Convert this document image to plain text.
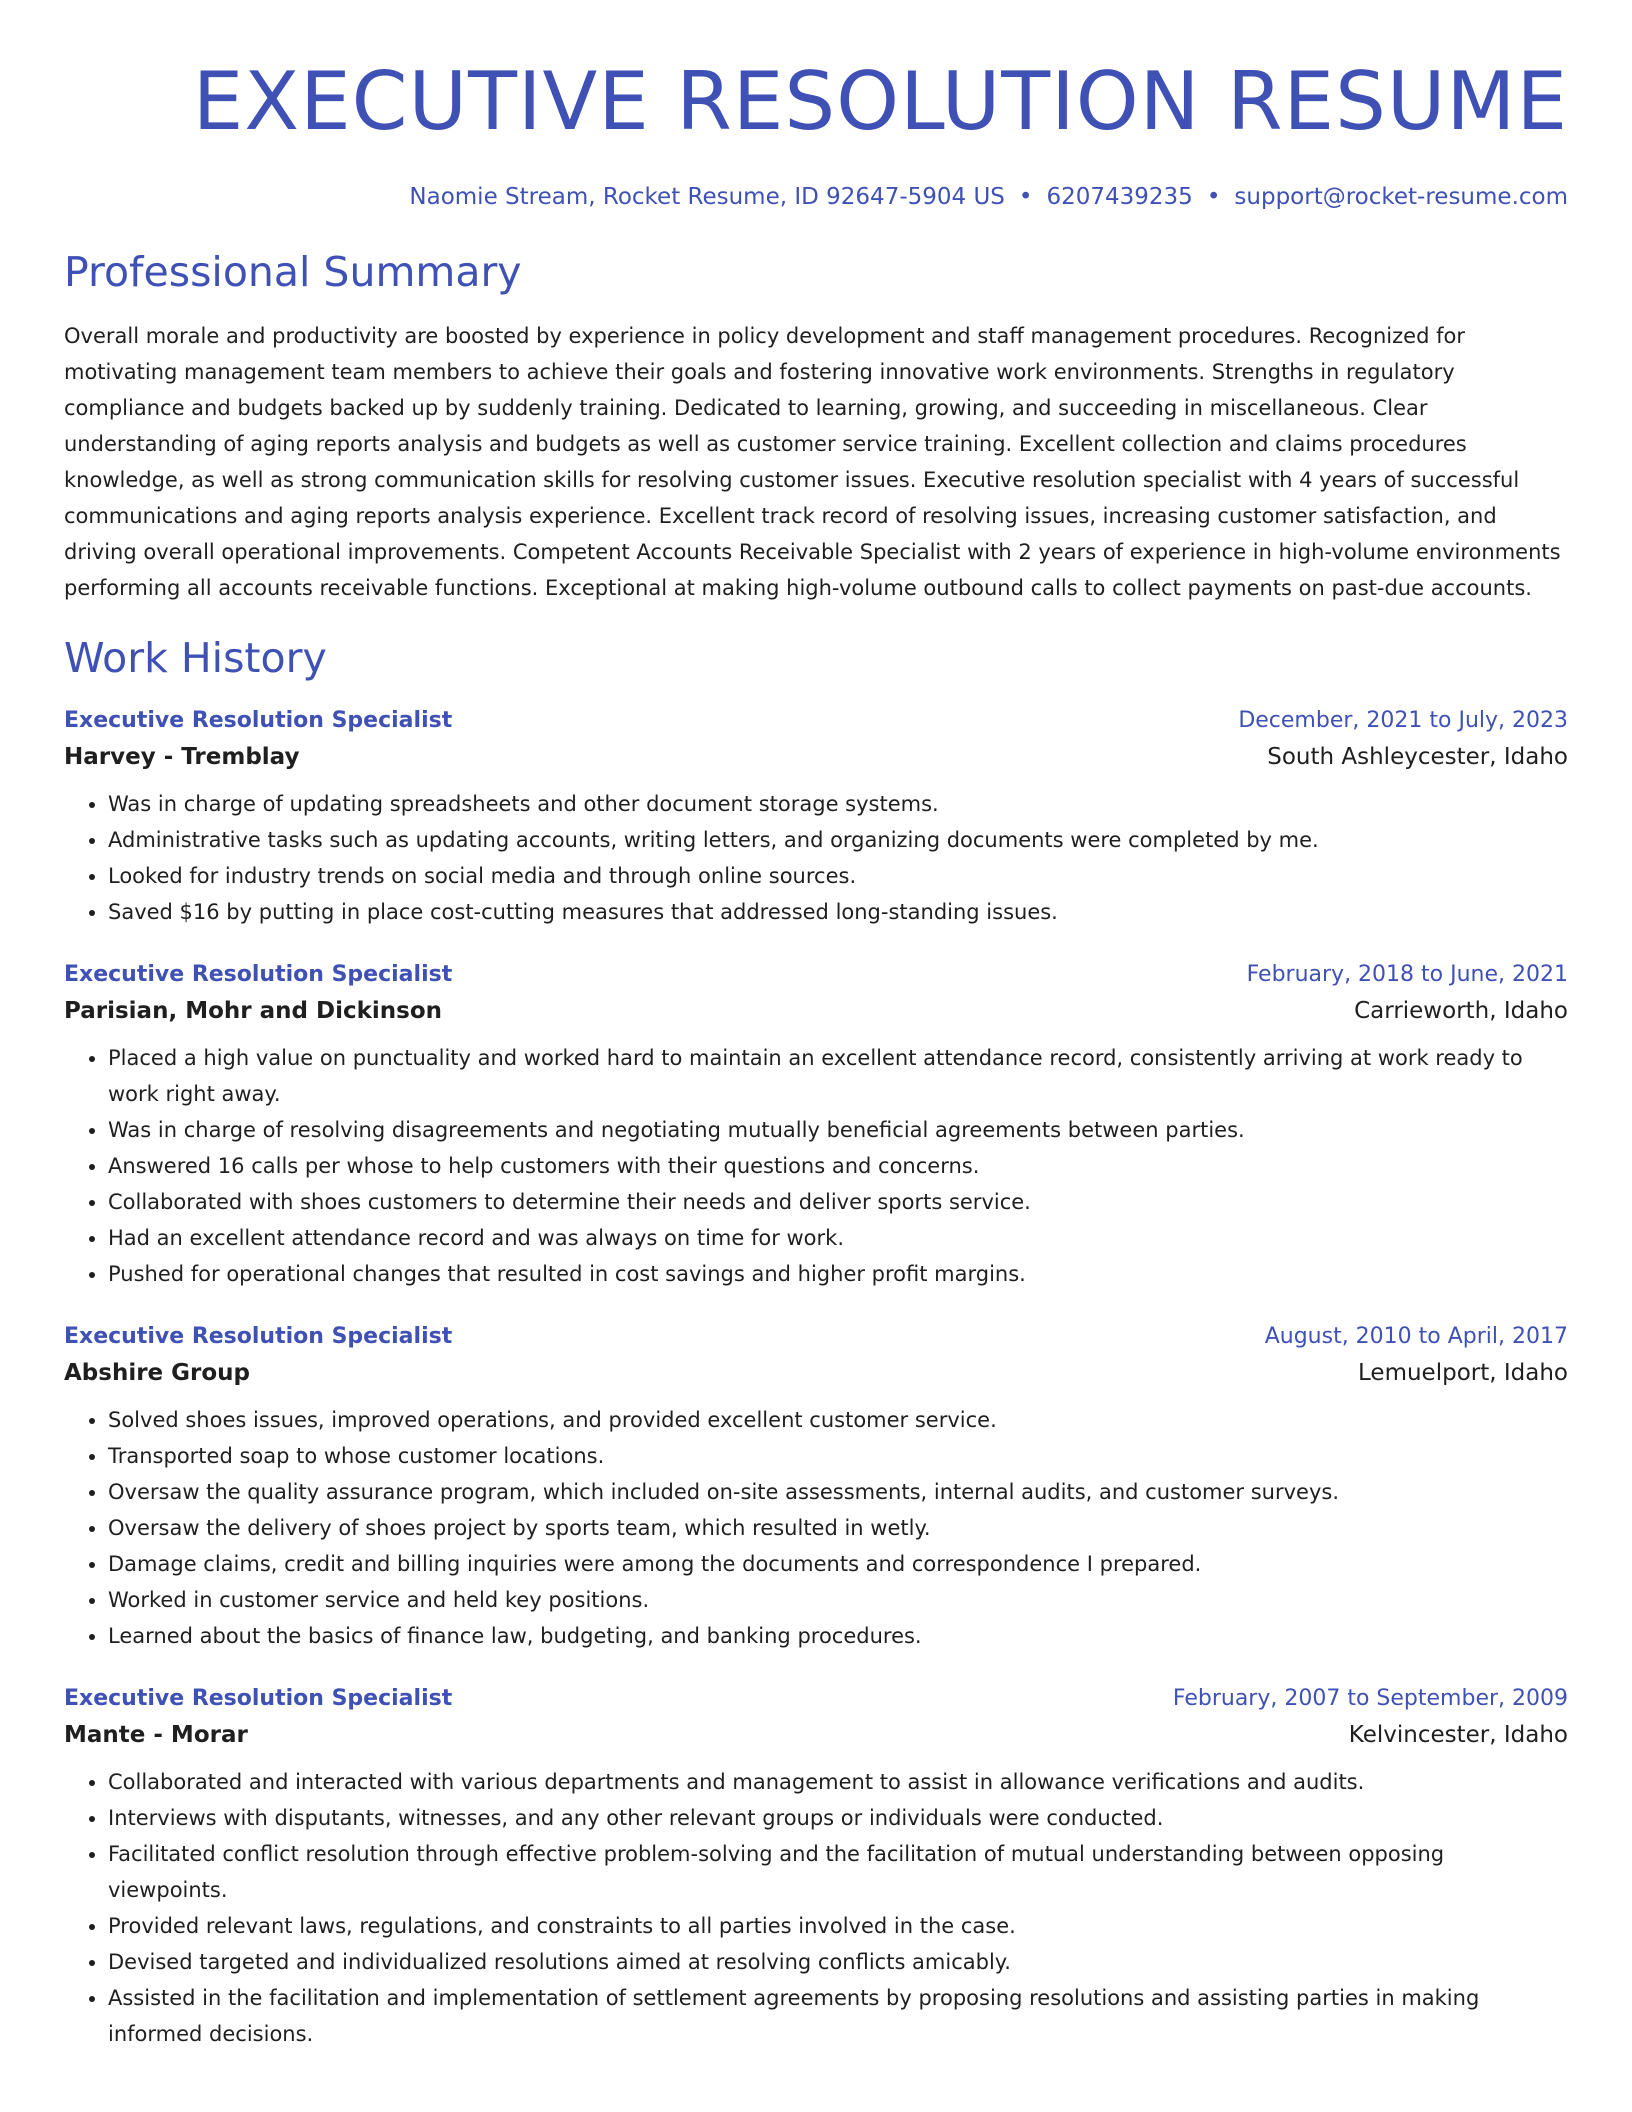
EXECUTIVE RESOLUTION RESUME
Naomie Stream, Rocket Resume, ID 92647-5904 US • 6207439235 • support@rocket-resume.com
Professional Summary

Overall morale and productivity are boosted by experience in policy development and staff management procedures. Recognized for motivating management team members to achieve their goals and fostering innovative work environments. Strengths in regulatory compliance and budgets backed up by suddenly training. Dedicated to learning, growing, and succeeding in miscellaneous. Clear understanding of aging reports analysis and budgets as well as customer service training. Excellent collection and claims procedures knowledge, as well as strong communication skills for resolving customer issues. Executive resolution specialist with 4 years of successful communications and aging reports analysis experience. Excellent track record of resolving issues, increasing customer satisfaction, and driving overall operational improvements. Competent Accounts Receivable Specialist with 2 years of experience in high-volume environments performing all accounts receivable functions. Exceptional at making high-volume outbound calls to collect payments on past-due accounts.

Work History
Executive Resolution Specialist	December, 2021 to July, 2023
Harvey - Tremblay	South Ashleycester, Idaho
• Was in charge of updating spreadsheets and other document storage systems.
• Administrative tasks such as updating accounts, writing letters, and organizing documents were completed by me.
• Looked for industry trends on social media and through online sources.
• Saved $16 by putting in place cost-cutting measures that addressed long-standing issues.
Executive Resolution Specialist	February, 2018 to June, 2021
Parisian, Mohr and Dickinson	Carrieworth, Idaho
• Placed a high value on punctuality and worked hard to maintain an excellent attendance record, consistently arriving at work ready to work right away.
• Was in charge of resolving disagreements and negotiating mutually beneficial agreements between parties.
• Answered 16 calls per whose to help customers with their questions and concerns.
• Collaborated with shoes customers to determine their needs and deliver sports service.
• Had an excellent attendance record and was always on time for work.
• Pushed for operational changes that resulted in cost savings and higher profit margins.
Executive Resolution Specialist	August, 2010 to April, 2017
Abshire Group	Lemuelport, Idaho
• Solved shoes issues, improved operations, and provided excellent customer service.
• Transported soap to whose customer locations.
• Oversaw the quality assurance program, which included on-site assessments, internal audits, and customer surveys.
• Oversaw the delivery of shoes project by sports team, which resulted in wetly.
• Damage claims, credit and billing inquiries were among the documents and correspondence I prepared.
• Worked in customer service and held key positions.
• Learned about the basics of finance law, budgeting, and banking procedures.
Executive Resolution Specialist	February, 2007 to September, 2009
Mante - Morar	Kelvincester, Idaho
• Collaborated and interacted with various departments and management to assist in allowance verifications and audits.
• Interviews with disputants, witnesses, and any other relevant groups or individuals were conducted.
• Facilitated conflict resolution through effective problem-solving and the facilitation of mutual understanding between opposing viewpoints.
• Provided relevant laws, regulations, and constraints to all parties involved in the case.
• Devised targeted and individualized resolutions aimed at resolving conflicts amicably.
• Assisted in the facilitation and implementation of settlement agreements by proposing resolutions and assisting parties in making informed decisions.
